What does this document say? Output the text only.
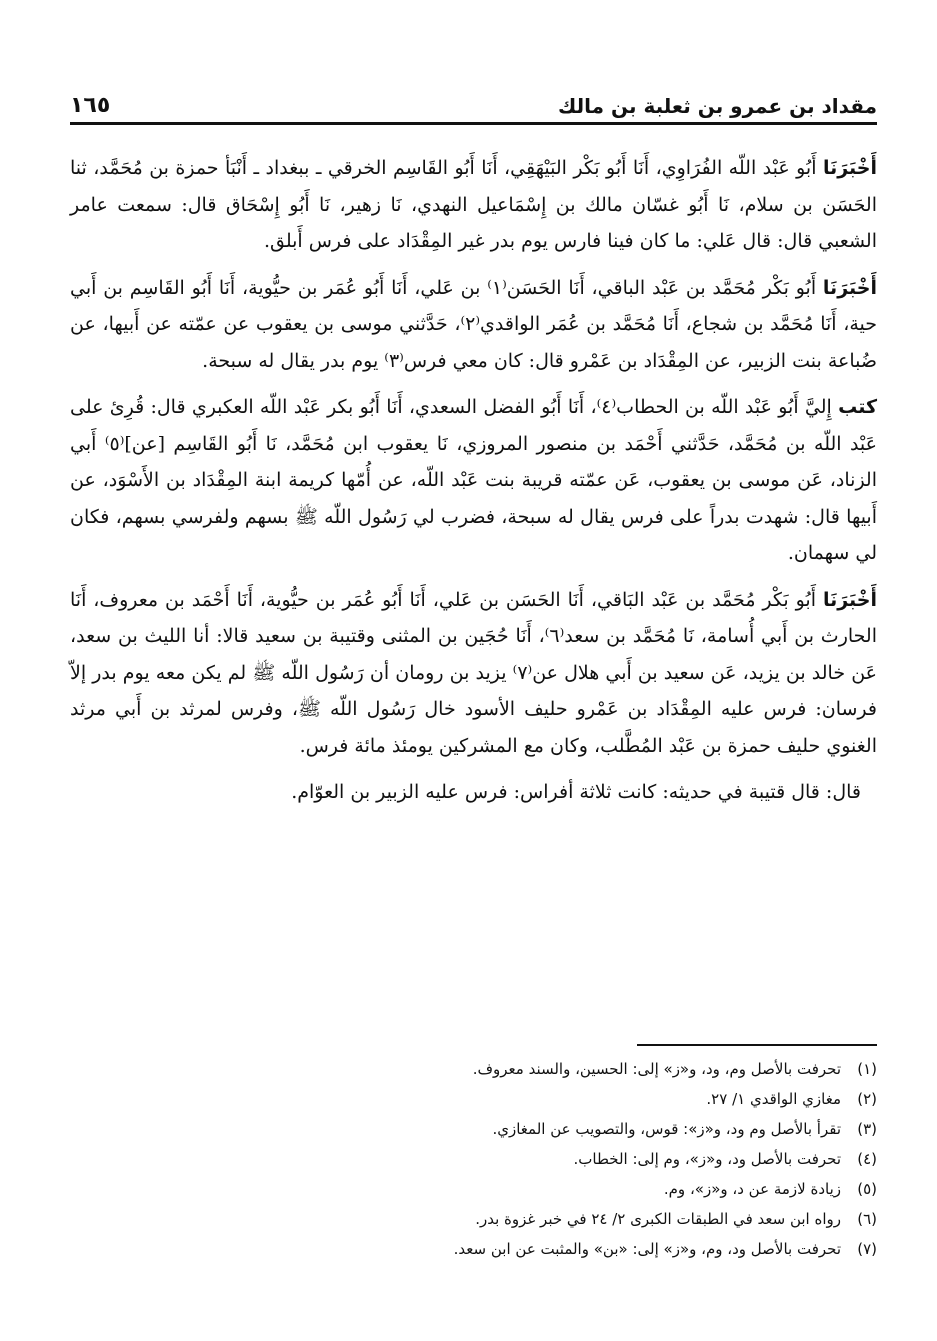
مقداد بن عمرو بن ثعلبة بن مالك
١٦٥

أَخْبَرَنَا أَبُو عَبْد اللّه الفُرَاوِي، أَنَا أَبُو بَكْر البَيْهَقِي، أَنَا أَبُو القَاسِم الخرقي ـ ببغداد ـ أَنْبَأ حمزة بن مُحَمَّد، ثنا الحَسَن بن سلام، نَا أَبُو غسّان مالك بن إِسْمَاعيل النهدي، نَا زهير، نَا أَبُو إِسْحَاق قال: سمعت عامر الشعبي قال: قال عَلي: ما كان فينا فارس يوم بدر غير المِقْدَاد على فرس أَبلق.

أَخْبَرَنَا أَبُو بَكْر مُحَمَّد بن عَبْد الباقي، أَنَا الحَسَن⁽١⁾ بن عَلي، أَنَا أَبُو عُمَر بن حيُّوية، أَنَا أَبُو القَاسِم بن أَبي حية، أَنَا مُحَمَّد بن شجاع، أَنَا مُحَمَّد بن عُمَر الواقدي⁽٢⁾، حَدَّثني موسى بن يعقوب عن عمّته عن أَبيها، عن ضُباعة بنت الزبير، عن المِقْدَاد بن عَمْرو قال: كان معي فرس⁽٣⁾ يوم بدر يقال له سبحة.

كتب إِليَّ أَبُو عَبْد اللّه بن الحطاب⁽٤⁾، أَنَا أَبُو الفضل السعدي، أَنَا أَبُو بكر عَبْد اللّه العكبري قال: قُرِئ على عَبْد اللّه بن مُحَمَّد، حَدَّثني أَحْمَد بن منصور المروزي، نَا يعقوب ابن مُحَمَّد، نَا أَبُو القَاسِم [عن]⁽٥⁾ أَبي الزناد، عَن موسى بن يعقوب، عَن عمّته قريبة بنت عَبْد اللّه، عن أُمّها كريمة ابنة المِقْدَاد بن الأَسْوَد، عن أَبيها قال: شهدت بدراً على فرس يقال له سبحة، فضرب لي رَسُول اللّه ﷺ بسهم ولفرسي بسهم، فكان لي سهمان.

أَخْبَرَنَا أَبُو بَكْر مُحَمَّد بن عَبْد البَاقي، أَنَا الحَسَن بن عَلي، أَنَا أَبُو عُمَر بن حيُّوية، أَنَا أَحْمَد بن معروف، أَنَا الحارث بن أَبي أُسامة، نَا مُحَمَّد بن سعد⁽٦⁾، أَنَا حُجَين بن المثنى وقتيبة بن سعيد قالا: أنا الليث بن سعد، عَن خالد بن يزيد، عَن سعيد بن أَبي هلال عن⁽٧⁾ يزيد بن رومان أن رَسُول اللّه ﷺ لم يكن معه يوم بدر إلاّ فرسان: فرس عليه المِقْدَاد بن عَمْرو حليف الأسود خال رَسُول اللّه ﷺ، وفرس لمرثد بن أَبي مرثد الغنوي حليف حمزة بن عَبْد المُطَّلب، وكان مع المشركين يومئذ مائة فرس.

قال: قال قتيبة في حديثه: كانت ثلاثة أفراس: فرس عليه الزبير بن العوّام.

(١)
تحرفت بالأصل وم، ود، و«ز» إلى: الحسين، والسند معروف.
(٢)
مغازي الواقدي ١/ ٢٧.
(٣)
تقرأ بالأصل وم ود، و«ز»: قوس، والتصويب عن المغازي.
(٤)
تحرفت بالأصل ود، و«ز»، وم إلى: الخطاب.
(٥)
زيادة لازمة عن د، و«ز»، وم.
(٦)
رواه ابن سعد في الطبقات الكبرى ٢/ ٢٤ في خبر غزوة بدر.
(٧)
تحرفت بالأصل ود، وم، و«ز» إلى: «بن» والمثبت عن ابن سعد.
